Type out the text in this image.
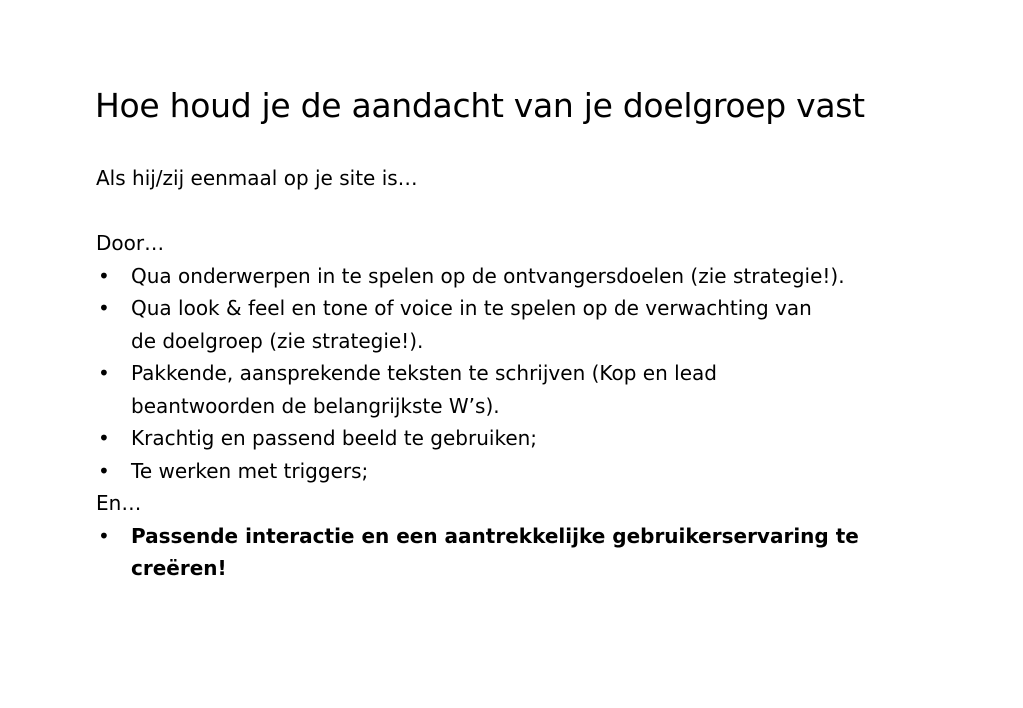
Hoe houd je de aandacht van je doelgroep vast

Als hij/zij eenmaal op je site is…

Door…

• Qua onderwerpen in te spelen op de ontvangersdoelen (zie strategie!).
• Qua look & feel en tone of voice in te spelen op de verwachting van
de doelgroep (zie strategie!).
• Pakkende, aansprekende teksten te schrijven (Kop en lead
beantwoorden de belangrijkste W’s).
• Krachtig en passend beeld te gebruiken;
• Te werken met triggers;

En…

• Passende interactie en een aantrekkelijke gebruikerservaring te
creëren!
